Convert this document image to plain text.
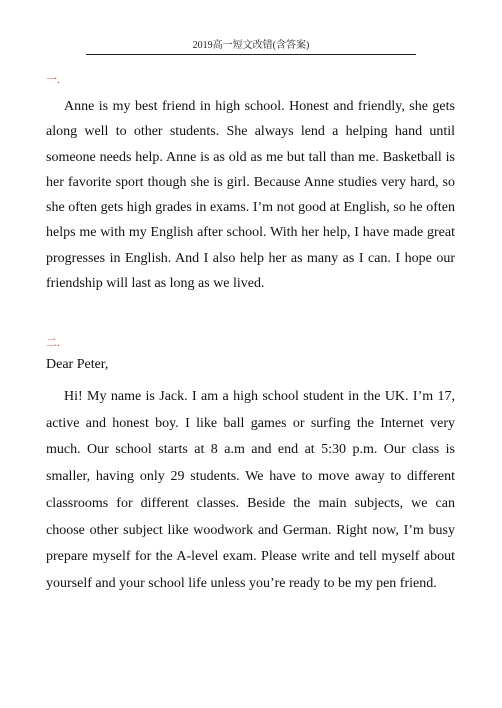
2019高一短文改错(含答案)
一.

Anne is my best friend in high school. Honest and friendly, she gets along well to other students. She always lend a helping hand until someone needs help. Anne is as old as me but tall than me. Basketball is her favorite sport though she is girl. Because Anne studies very hard, so she often gets high grades in exams. I’m not good at English, so he often helps me with my English after school. With her help, I have made great progresses in English. And I also help her as many as I can. I hope our friendship will last as long as we lived.

二.

Dear Peter,

Hi! My name is Jack. I am a high school student in the UK. I’m 17, active and honest boy. I like ball games or surfing the Internet very much. Our school starts at 8 a.m and end at 5:30 p.m. Our class is smaller, having only 29 students. We have to move away to different classrooms for different classes. Beside the main subjects, we can choose other subject like woodwork and German. Right now, I’m busy prepare myself for the A-level exam. Please write and tell myself about yourself and your school life unless you’re ready to be my pen friend.
